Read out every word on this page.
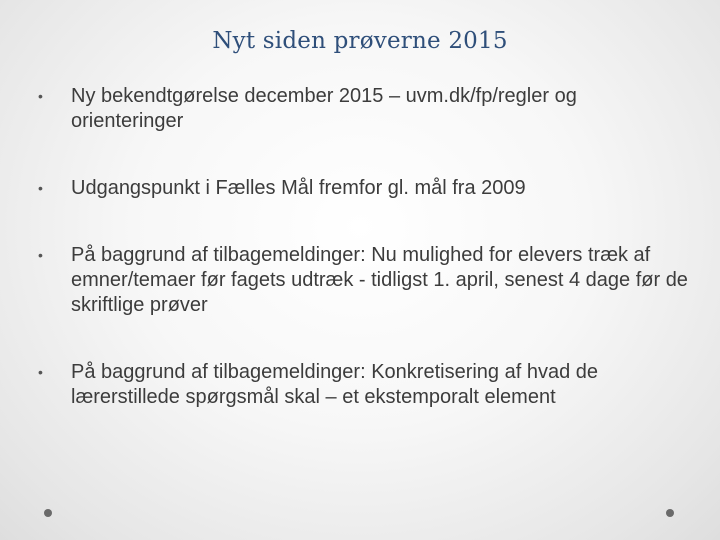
Nyt siden prøverne 2015
• Ny bekendtgørelse december 2015 – uvm.dk/fp/regler og orienteringer
• Udgangspunkt i Fælles Mål fremfor gl. mål fra 2009
• På baggrund af tilbagemeldinger: Nu mulighed for elevers træk af emner/temaer før fagets udtræk - tidligst 1. april, senest 4 dage før de skriftlige prøver
• På baggrund af tilbagemeldinger: Konkretisering af hvad de lærerstillede spørgsmål skal – et ekstemporalt element
